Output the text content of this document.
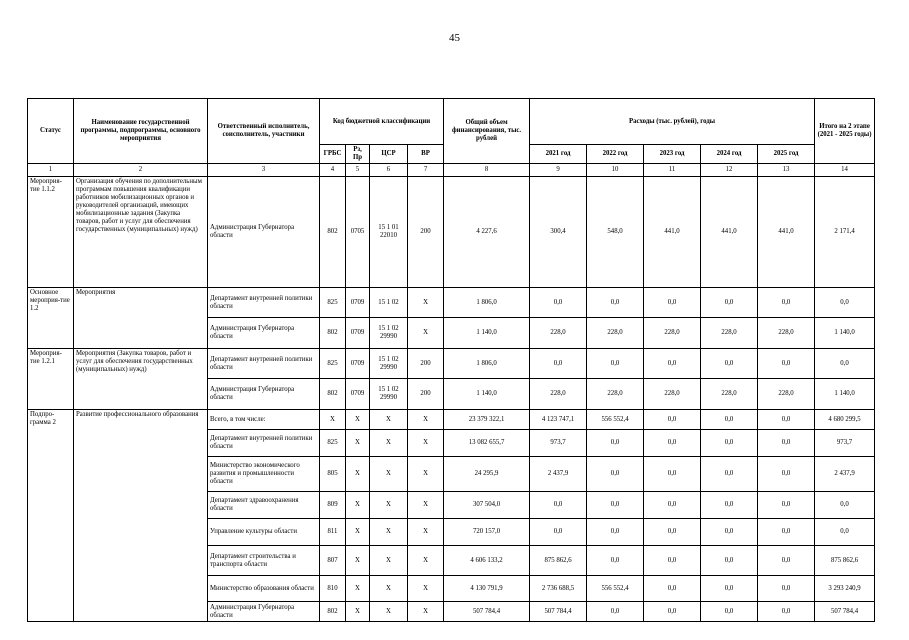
45
Статус	Наименование государственной программы, подпрограммы, основного мероприятия	Ответственный исполнитель, соисполнитель, участники	Код бюджетной классификации				Общий объем финансирования, тыс. рублей	Расходы (тыс. рублей), годы					Итого на 2 этапе (2021 - 2025 годы)
			ГРБС	Рз, Пр	ЦСР	ВР		2021 год	2022 год	2023 год	2024 год	2025 год	
1	2	3	4	5	6	7	8	9	10	11	12	13	14
Мероприя-тие 1.1.2	Организация обучения по дополнительным программам повышения квалификации работников мобилизационных органов и руководителей организаций, имеющих мобилизационные задания (Закупка товаров, работ и услуг для обеспечения государственных (муниципальных) нужд)	Администрация Губернатора области	802	0705	15 1 01 22010	200	4 227,6	300,4	548,0	441,0	441,0	441,0	2 171,4
Основное мероприя-тие 1.2	Мероприятия	Департамент внутренней политики области	825	0709	15 1 02	Х	1 806,0	0,0	0,0	0,0	0,0	0,0	0,0
		Администрация Губернатора области	802	0709	15 1 02 29990	Х	1 140,0	228,0	228,0	228,0	228,0	228,0	1 140,0
Мероприя-тие 1.2.1	Мероприятия (Закупка товаров, работ и услуг для обеспечения государственных (муниципальных) нужд)	Департамент внутренней политики области	825	0709	15 1 02 29990	200	1 806,0	0,0	0,0	0,0	0,0	0,0	0,0
		Администрация Губернатора области	802	0709	15 1 02 29990	200	1 140,0	228,0	228,0	228,0	228,0	228,0	1 140,0
Подпро-грамма 2	Развитие профессионального образования	Всего, в том числе:	Х	Х	Х	Х	23 379 322,1	4 123 747,1	556 552,4	0,0	0,0	0,0	4 680 299,5
		Департамент внутренней политики области	825	Х	Х	Х	13 082 655,7	973,7	0,0	0,0	0,0	0,0	973,7
		Министерство экономического развития и промышленности области	805	Х	Х	Х	24 295,9	2 437,9	0,0	0,0	0,0	0,0	2 437,9
		Департамент здравоохранения области	809	Х	Х	Х	307 504,0	0,0	0,0	0,0	0,0	0,0	0,0
		Управление культуры области	811	Х	Х	Х	720 157,0	0,0	0,0	0,0	0,0	0,0	0,0
		Департамент строительства и транспорта области	807	Х	Х	Х	4 606 133,2	875 862,6	0,0	0,0	0,0	0,0	875 862,6
		Министерство образования области	810	Х	Х	Х	4 130 791,9	2 736 688,5	556 552,4	0,0	0,0	0,0	3 293 240,9
		Администрация Губернатора области	802	Х	Х	Х	507 784,4	507 784,4	0,0	0,0	0,0	0,0	507 784,4
